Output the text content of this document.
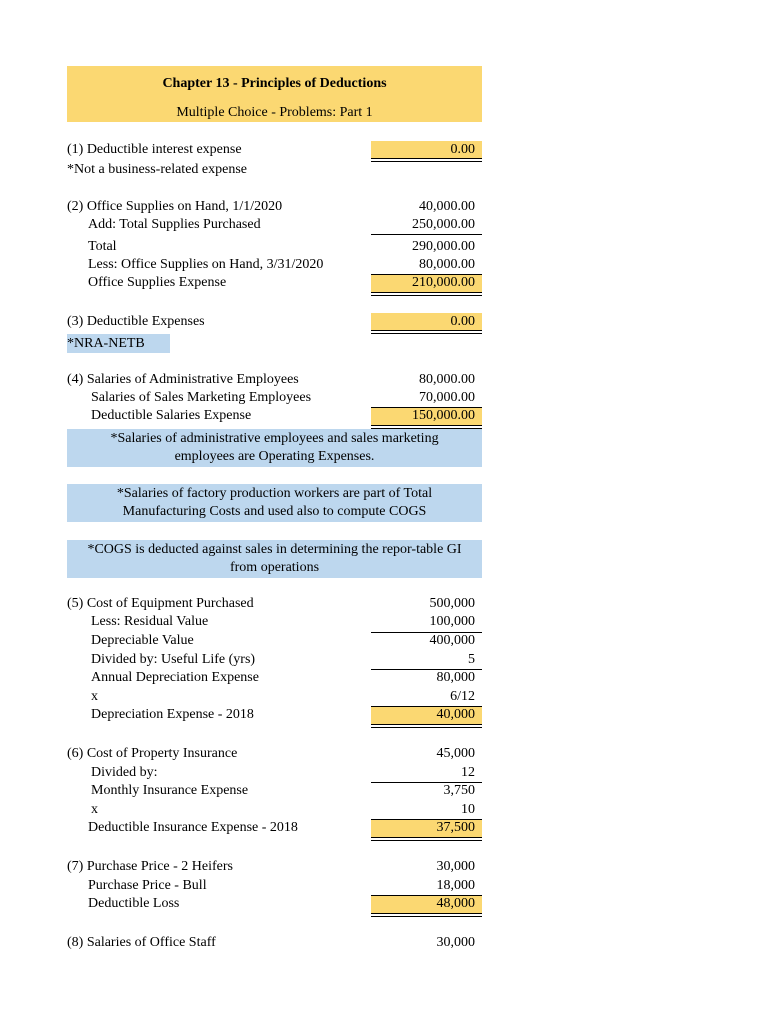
Chapter 13 - Principles of Deductions
Multiple Choice - Problems: Part 1
(1) Deductible interest expense	0.00
*Not a business-related expense
(2) Office Supplies on Hand, 1/1/2020	40,000.00
Add: Total Supplies Purchased	250,000.00
Total	290,000.00
Less: Office Supplies on Hand, 3/31/2020	80,000.00
Office Supplies Expense	210,000.00
(3) Deductible Expenses	0.00
*NRA-NETB
(4) Salaries of Administrative Employees	80,000.00
Salaries of Sales Marketing Employees	70,000.00
Deductible Salaries Expense	150,000.00
*Salaries of administrative employees and sales marketing employees are Operating Expenses.
*Salaries of factory production workers are part of Total Manufacturing Costs and used also to compute COGS
*COGS is deducted against sales in determining the repor-table GI from operations
(5) Cost of Equipment Purchased	500,000
Less: Residual Value	100,000
Depreciable Value	400,000
Divided by: Useful Life (yrs)	5
Annual Depreciation Expense	80,000
x	6/12
Depreciation Expense - 2018	40,000
(6) Cost of Property Insurance	45,000
Divided by:	12
Monthly Insurance Expense	3,750
x	10
Deductible Insurance Expense - 2018	37,500
(7) Purchase Price - 2 Heifers	30,000
Purchase Price - Bull	18,000
Deductible Loss	48,000
(8) Salaries of Office Staff	30,000
